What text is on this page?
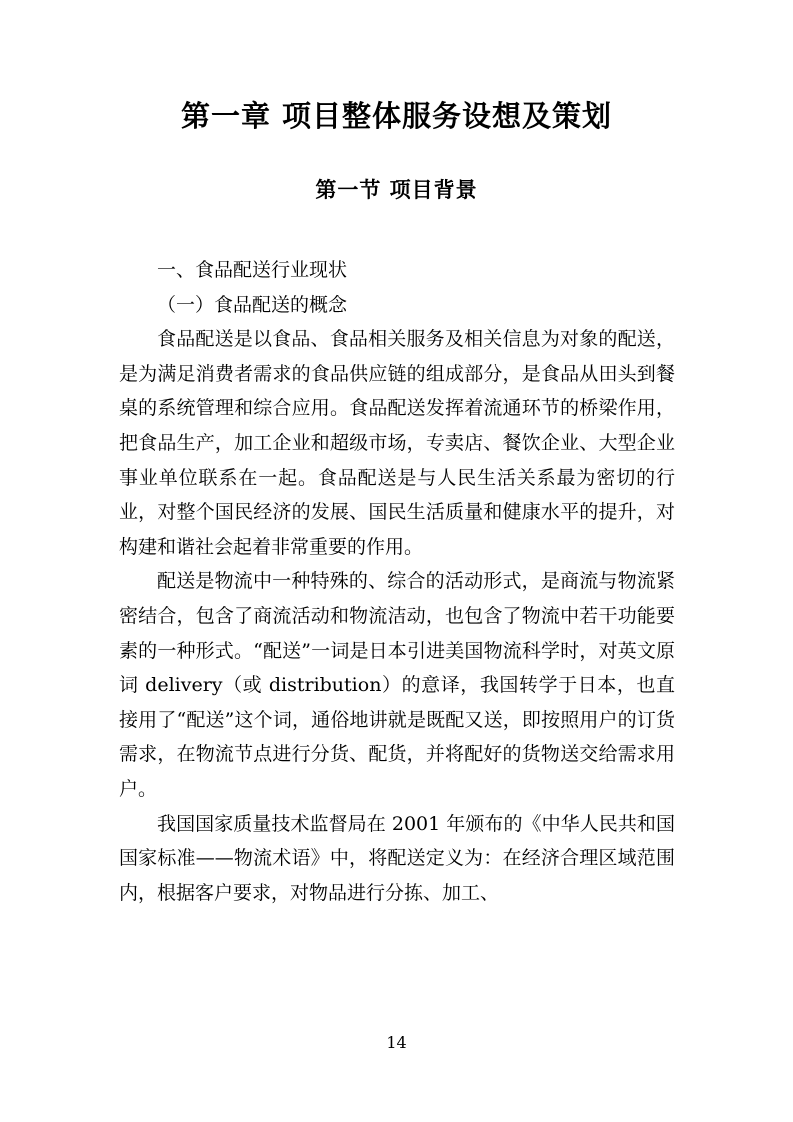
第一章 项目整体服务设想及策划
第一节 项目背景

一、食品配送行业现状

（一）食品配送的概念

食品配送是以食品、食品相关服务及相关信息为对象的配送，是为满足消费者需求的食品供应链的组成部分，是食品从田头到餐桌的系统管理和综合应用。食品配送发挥着流通环节的桥梁作用，把食品生产，加工企业和超级市场，专卖店、餐饮企业、大型企业事业单位联系在一起。食品配送是与人民生活关系最为密切的行业，对整个国民经济的发展、国民生活质量和健康水平的提升，对构建和谐社会起着非常重要的作用。

配送是物流中一种特殊的、综合的活动形式，是商流与物流紧密结合，包含了商流活动和物流洁动，也包含了物流中若干功能要素的一种形式。“配送”一词是日本引进美国物流科学时，对英文原词 delivery（或 distribution）的意译，我国转学于日本，也直接用了“配送”这个词，通俗地讲就是既配又送，即按照用户的订货需求，在物流节点进行分货、配货，并将配好的货物送交给需求用户。

我国国家质量技术监督局在 2001 年颁布的《中华人民共和国国家标准——物流术语》中，将配送定义为：在经济合理区域范围内，根据客户要求，对物品进行分拣、加工、

14
